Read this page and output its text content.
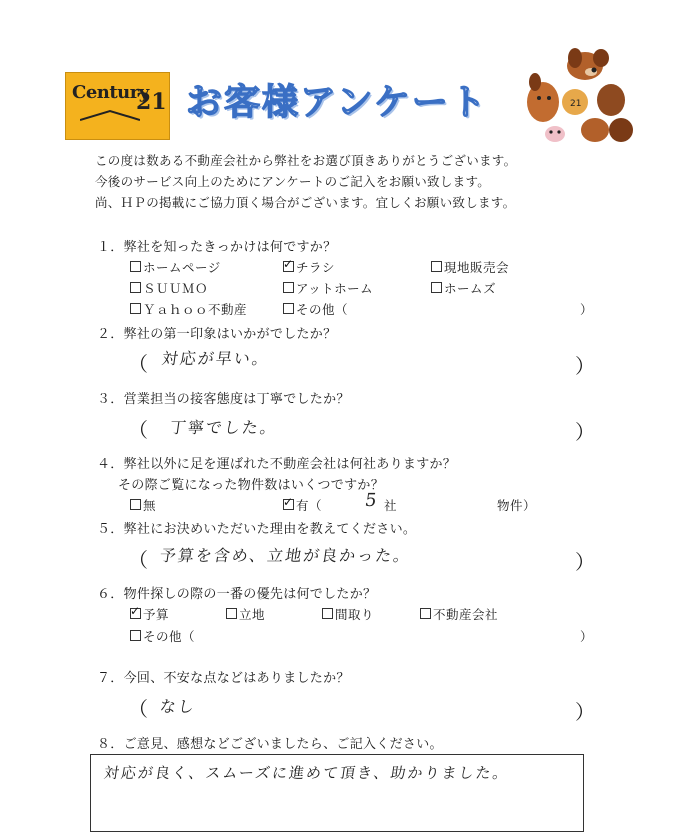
Century
21 お客様アンケート	21
この度は数ある不動産会社から弊社をお選び頂きありがとうございます。
今後のサービス向上のためにアンケートのご記入をお願い致します。
尚、ＨＰの掲載にご協力頂く場合がございます。宜しくお願い致します。
１．弊社を知ったきっかけは何ですか？
ホームページ ✓	チラシ	現地販売会
ＳＵＵＭＯ	アットホーム	ホームズ
Ｙａｈｏｏ不動産	その他（	）
２．弊社の第一印象はいかがでしたか？
（ 対応が早い。	）
３．営業担当の接客態度は丁寧でしたか？
（ 丁寧でした。	）
４．弊社以外に足を運ばれた不動産会社は何社ありますか？
その際ご覧になった物件数はいくつですか？
無 ✓	有（ 5 社	物件）
５．弊社にお決めいただいた理由を教えてください。
（ 予算を含め、立地が良かった。	）
６．物件探しの際の一番の優先は何でしたか？
✓予算	立地	間取り	不動産会社
その他（	）
７．今回、不安な点などはありましたか？
（ なし	）
８．ご意見、感想などございましたら、ご記入ください。
対応が良く、スムーズに進めて頂き、助かりました。
